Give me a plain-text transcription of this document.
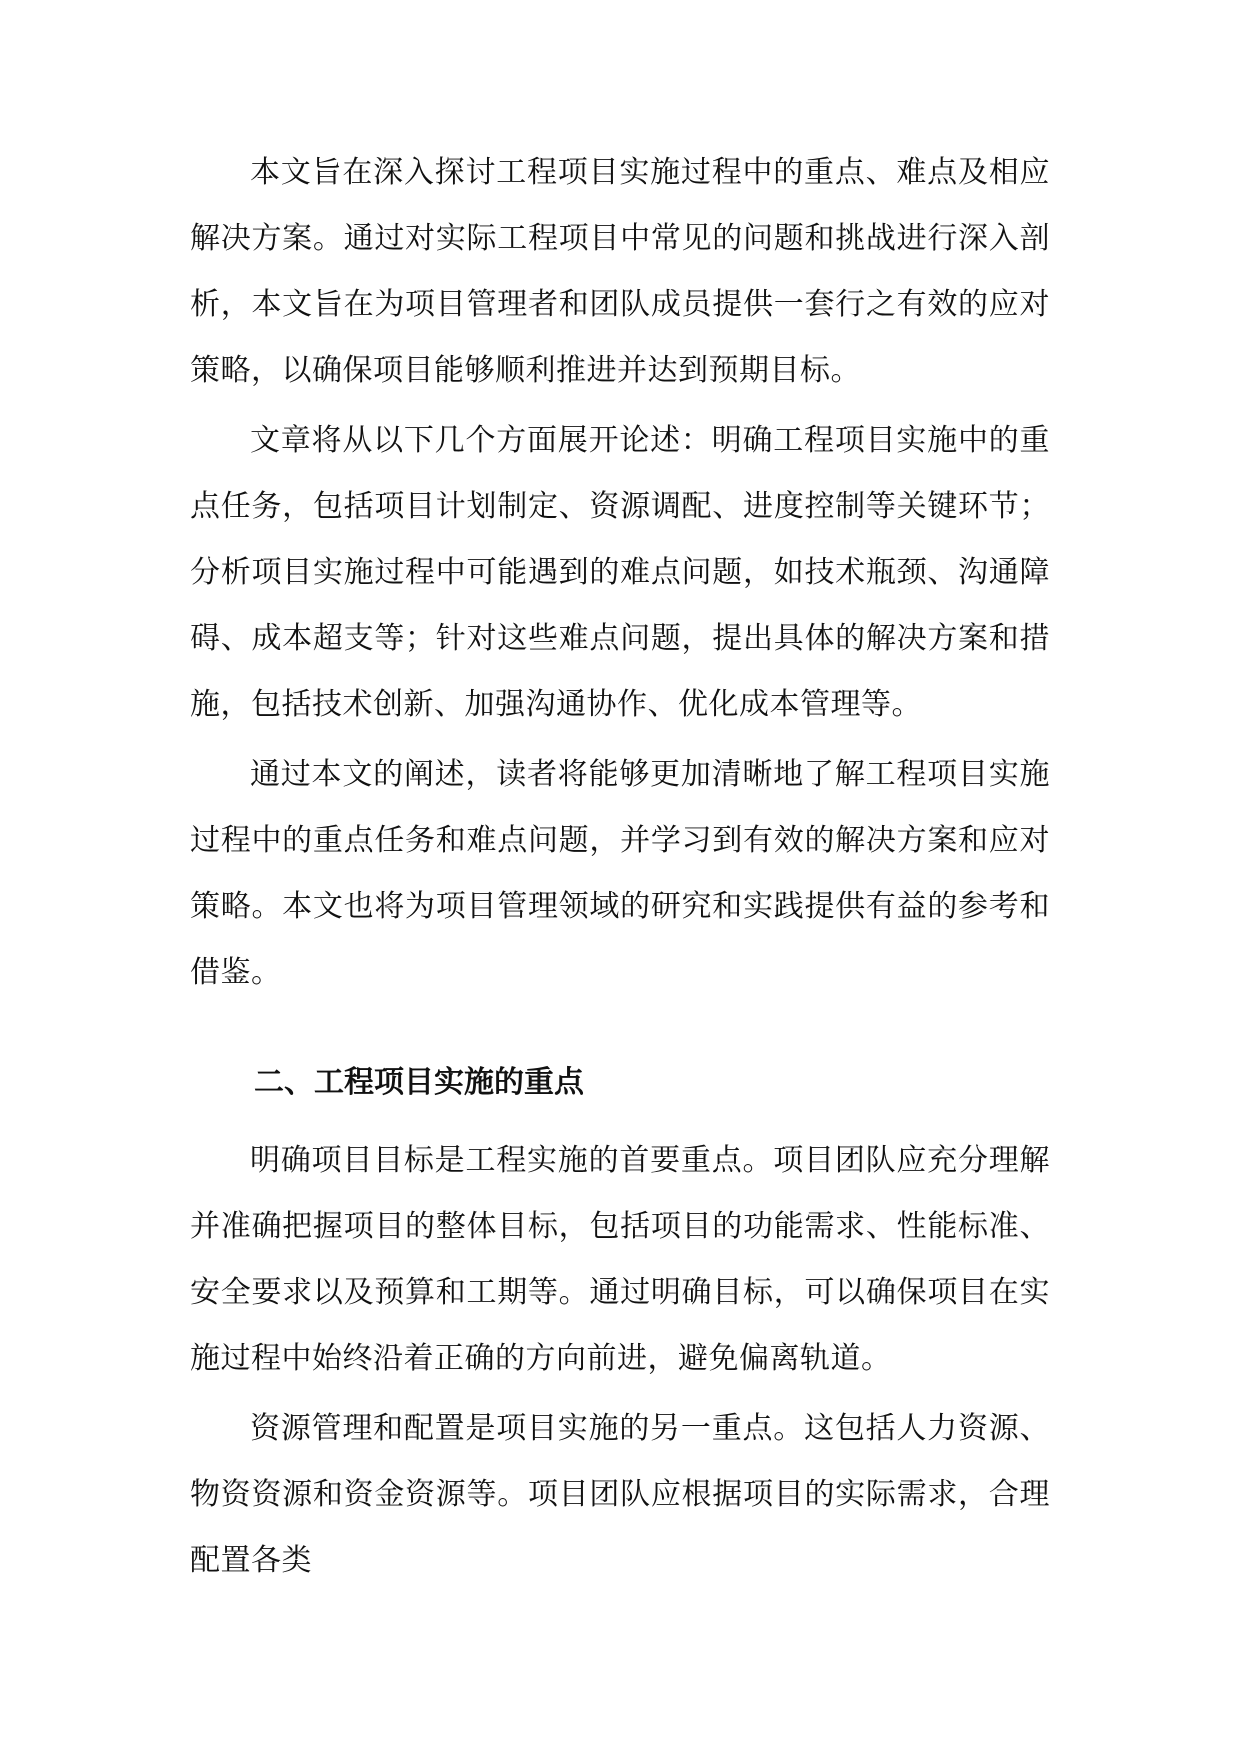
本文旨在深入探讨工程项目实施过程中的重点、难点及相应解决方案。通过对实际工程项目中常见的问题和挑战进行深入剖析，本文旨在为项目管理者和团队成员提供一套行之有效的应对策略，以确保项目能够顺利推进并达到预期目标。

文章将从以下几个方面展开论述：明确工程项目实施中的重点任务，包括项目计划制定、资源调配、进度控制等关键环节；分析项目实施过程中可能遇到的难点问题，如技术瓶颈、沟通障碍、成本超支等；针对这些难点问题，提出具体的解决方案和措施，包括技术创新、加强沟通协作、优化成本管理等。

通过本文的阐述，读者将能够更加清晰地了解工程项目实施过程中的重点任务和难点问题，并学习到有效的解决方案和应对策略。本文也将为项目管理领域的研究和实践提供有益的参考和借鉴。

二、工程项目实施的重点

明确项目目标是工程实施的首要重点。项目团队应充分理解并准确把握项目的整体目标，包括项目的功能需求、性能标准、安全要求以及预算和工期等。通过明确目标，可以确保项目在实施过程中始终沿着正确的方向前进，避免偏离轨道。

资源管理和配置是项目实施的另一重点。这包括人力资源、物资资源和资金资源等。项目团队应根据项目的实际需求，合理配置各类
